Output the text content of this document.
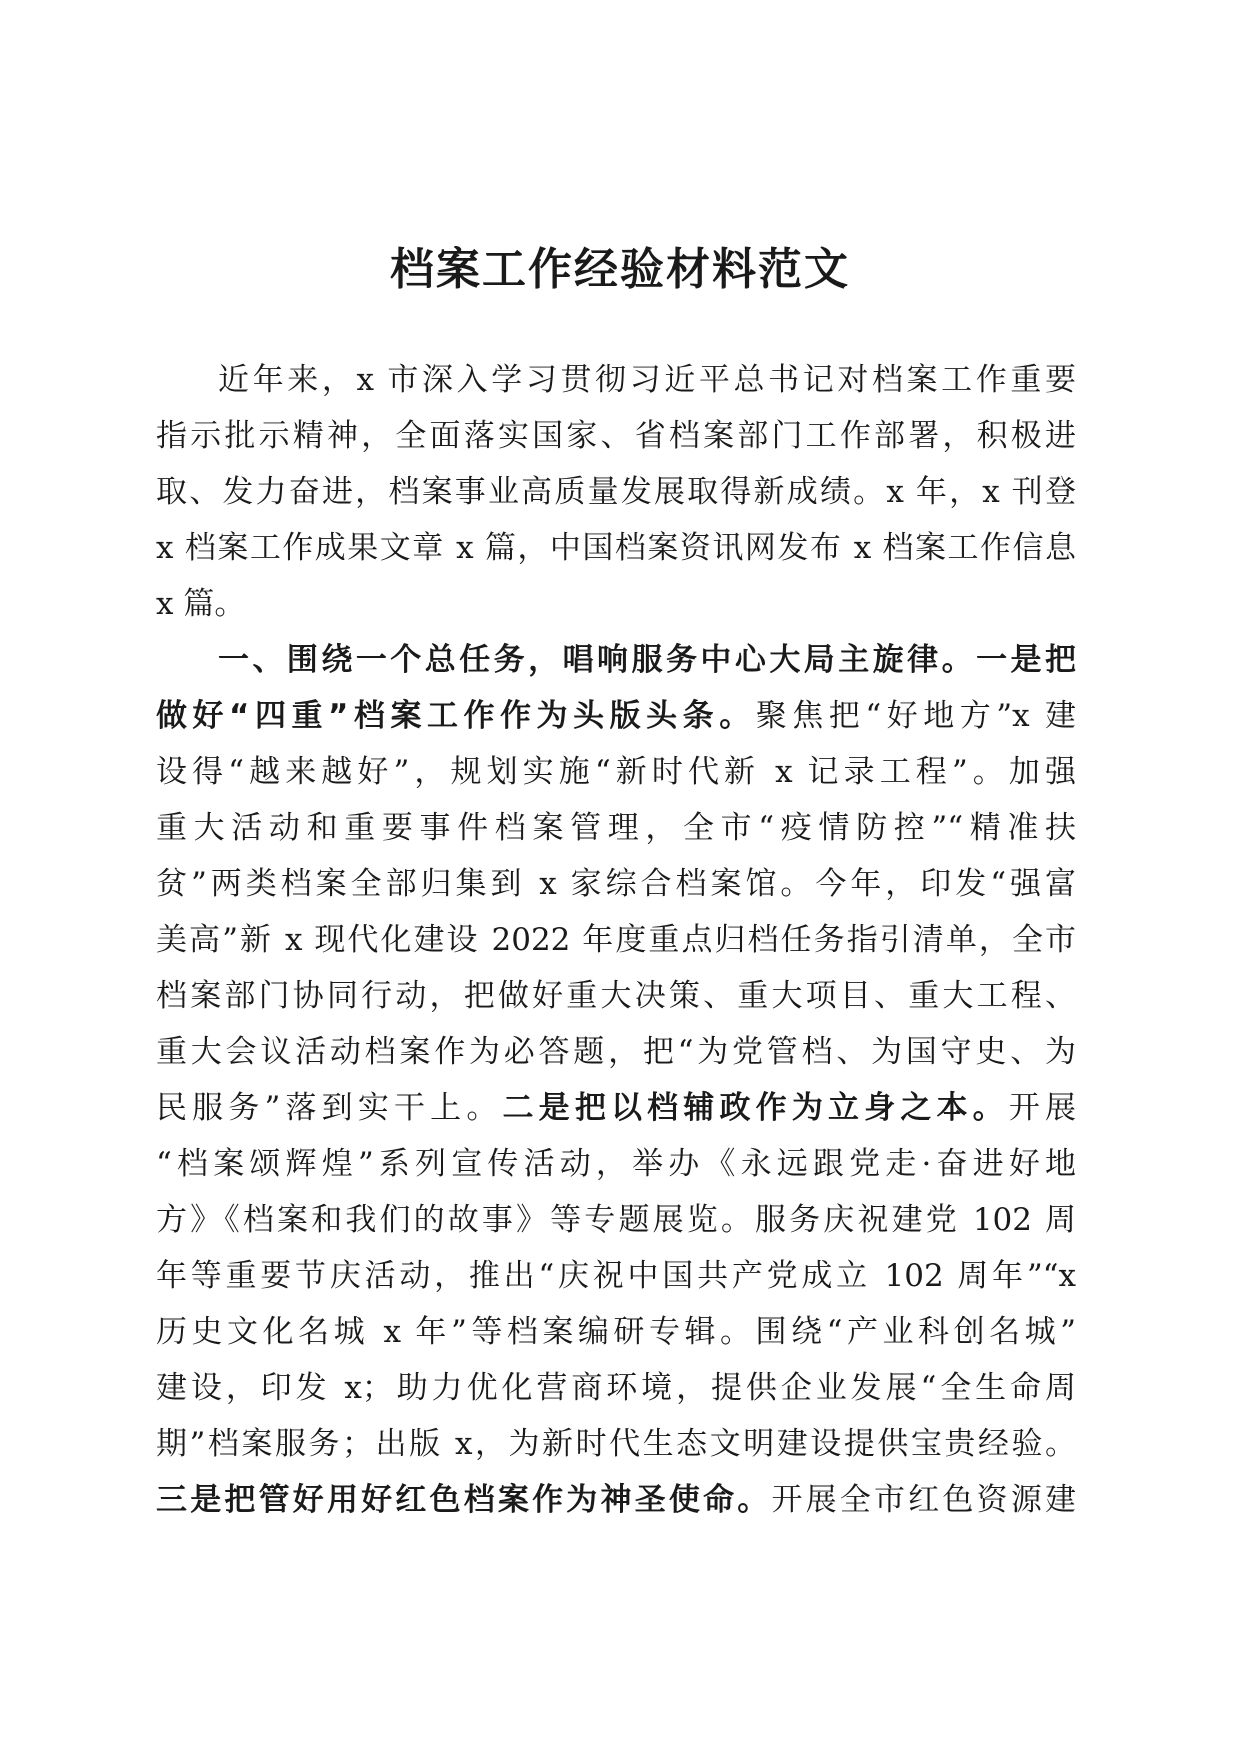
档案工作经验材料范文
近年来，x 市深入学习贯彻习近平总书记对档案工作重要
指示批示精神，全面落实国家、省档案部门工作部署，积极进
取、发力奋进，档案事业高质量发展取得新成绩。x 年，x 刊登
x 档案工作成果文章 x 篇，中国档案资讯网发布 x 档案工作信息
x 篇。
一、围绕一个总任务，唱响服务中心大局主旋律。一是把
做好“四重”档案工作作为头版头条。聚焦把“好地方”x 建
设得“越来越好”，规划实施“新时代新 x 记录工程”。加强
重大活动和重要事件档案管理，全市“疫情防控”“精准扶
贫”两类档案全部归集到 x 家综合档案馆。今年，印发“强富
美高”新 x 现代化建设 2022 年度重点归档任务指引清单，全市
档案部门协同行动，把做好重大决策、重大项目、重大工程、
重大会议活动档案作为必答题，把“为党管档、为国守史、为
民服务”落到实干上。二是把以档辅政作为立身之本。开展
“档案颂辉煌”系列宣传活动，举办《永远跟党走·奋进好地
方》《档案和我们的故事》等专题展览。服务庆祝建党 102 周
年等重要节庆活动，推出“庆祝中国共产党成立 102 周年”“x
历史文化名城 x 年”等档案编研专辑。围绕“产业科创名城”
建设，印发 x；助力优化营商环境，提供企业发展“全生命周
期”档案服务；出版 x，为新时代生态文明建设提供宝贵经验。
三是把管好用好红色档案作为神圣使命。开展全市红色资源建
